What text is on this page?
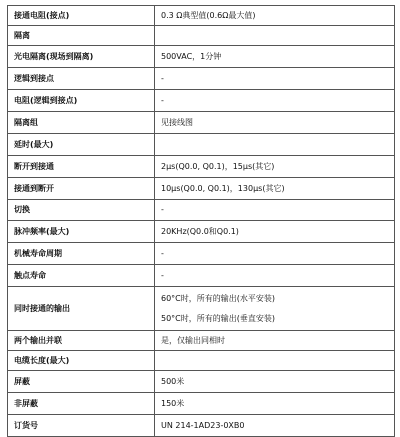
接通电阻(接点)	0.3 Ω典型值(0.6Ω最大值)
隔离	
光电隔离(现场到隔离)	500VAC，1分钟
逻辑到接点	-
电阻(逻辑到接点)	-
隔离组	见接线图
延时(最大)	
断开到接通	2μs(Q0.0, Q0.1)，15μs(其它)
接通到断开	10μs(Q0.0, Q0.1)，130μs(其它)
切换	-
脉冲频率(最大)	20KHz(Q0.0和Q0.1)
机械寿命周期	-
触点寿命	-
同时接通的输出	60°C时，所有的输出(水平安装)
50°C时，所有的输出(垂直安装)

两个输出并联	是，仅输出同相时
电缆长度(最大)	
屏蔽	500米
非屏蔽	150米
订货号	UN 214-1AD23-0XB0
